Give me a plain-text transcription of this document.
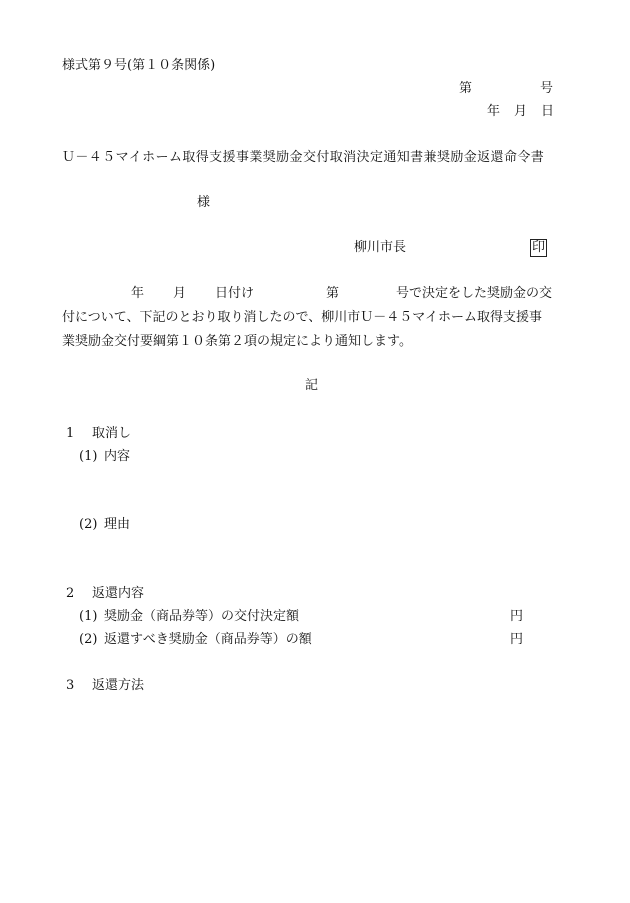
様式第９号(第１０条関係)
第	号
年 月 日
Ｕ－４５マイホーム取得支援事業奨励金交付取消決定通知書兼奨励金返還命令書
様
柳川市長	印
年 月 日付け	第	号で決定をした奨励金の交
付について、下記のとおり取り消したので、柳川市Ｕ－４５マイホーム取得支援事
業奨励金交付要綱第１０条第２項の規定により通知します。
記
1 取消し
(1) 内容
(2) 理由
2 返還内容
(1) 奨励金（商品券等）の交付決定額	円
(2) 返還すべき奨励金（商品券等）の額	円
3 返還方法
